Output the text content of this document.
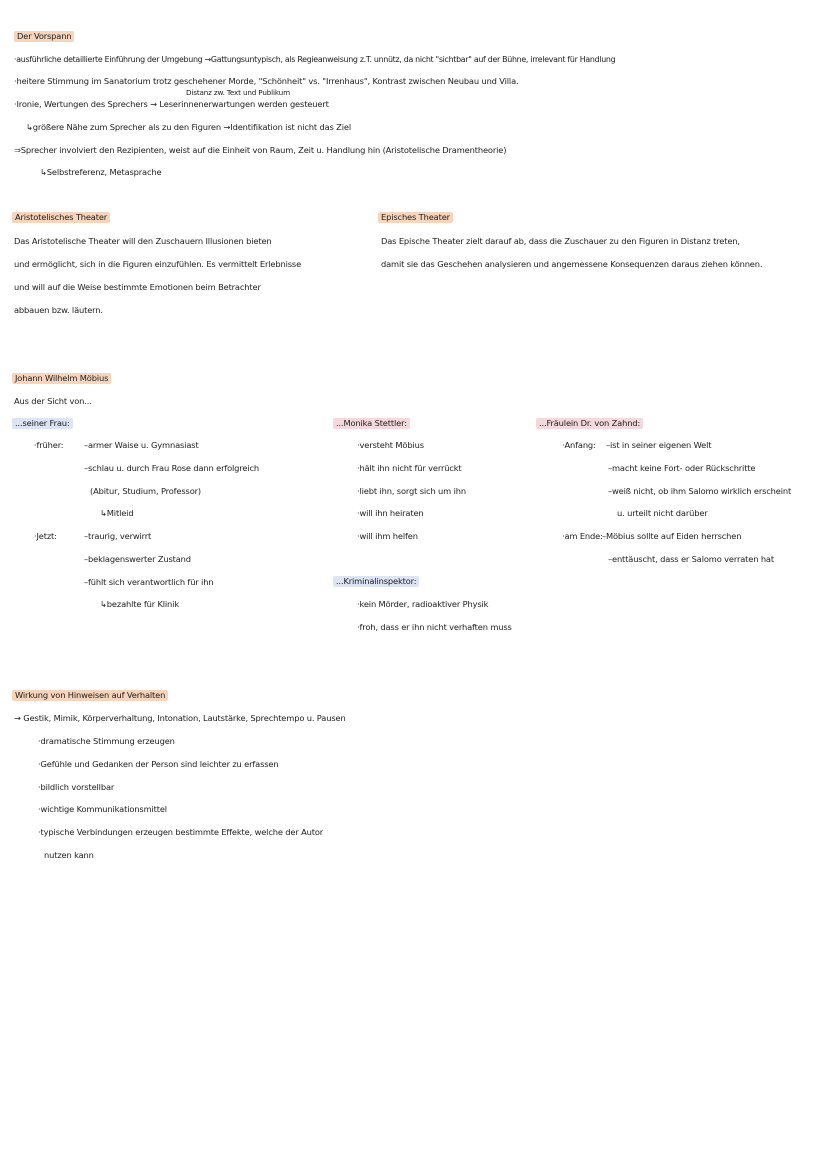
Der Vorspann
·ausführliche detaillierte Einführung der Umgebung →Gattungsuntypisch, als Regieanweisung z.T. unnütz, da nicht "sichtbar" auf der Bühne, irrelevant für Handlung
·heitere Stimmung im Sanatorium trotz geschehener Morde, "Schönheit" vs. "Irrenhaus", Kontrast zwischen Neubau und Villa.
Distanz zw. Text und Publikum
·Ironie, Wertungen des Sprechers → Leserinnenerwartungen werden gesteuert
↳größere Nähe zum Sprecher als zu den Figuren →Identifikation ist nicht das Ziel
⇒Sprecher involviert den Rezipienten, weist auf die Einheit von Raum, Zeit u. Handlung hin (Aristotelische Dramentheorie)
↳Selbstreferenz, Metasprache
Aristotelisches Theater
Das Aristotelische Theater will den Zuschauern Illusionen bieten
und ermöglicht, sich in die Figuren einzufühlen. Es vermittelt Erlebnisse
und will auf die Weise bestimmte Emotionen beim Betrachter
abbauen bzw. läutern.
Episches Theater
Das Epische Theater zielt darauf ab, dass die Zuschauer zu den Figuren in Distanz treten,
damit sie das Geschehen analysieren und angemessene Konsequenzen daraus ziehen können.
Johann Wilhelm Möbius
Aus der Sicht von...
...seiner Frau:
·früher: –armer Waise u. Gymnasiast
–schlau u. durch Frau Rose dann erfolgreich
(Abitur, Studium, Professor)
↳Mitleid
·Jetzt:	–traurig, verwirrt
–beklagenswerter Zustand
–fühlt sich verantwortlich für ihn
↳bezahlte für Klinik
...Monika Stettler:
·versteht Möbius
·hält ihn nicht für verrückt
·liebt ihn, sorgt sich um ihn
·will ihn heiraten
·will ihm helfen
...Kriminalinspektor:
·kein Mörder, radioaktiver Physik
·froh, dass er ihn nicht verhaften muss
...Fräulein Dr. von Zahnd:
·Anfang: –ist in seiner eigenen Welt
–macht keine Fort- oder Rückschritte
–weiß nicht, ob ihm Salomo wirklich erscheint
u. urteilt nicht darüber
·am Ende: –Möbius sollte auf Eiden herrschen
–enttäuscht, dass er Salomo verraten hat
Wirkung von Hinweisen auf Verhalten
→ Gestik, Mimik, Körperverhaltung, Intonation, Lautstärke, Sprechtempo u. Pausen
·dramatische Stimmung erzeugen
·Gefühle und Gedanken der Person sind leichter zu erfassen
·bildlich vorstellbar
·wichtige Kommunikationsmittel
·typische Verbindungen erzeugen bestimmte Effekte, welche der Autor
nutzen kann
